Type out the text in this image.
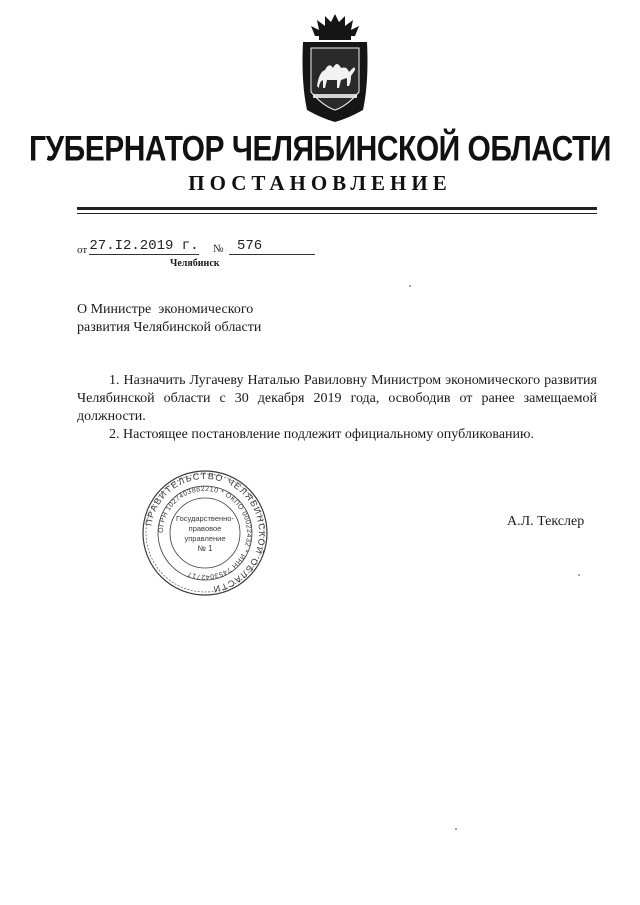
ГУБЕРНАТОР ЧЕЛЯБИНСКОЙ ОБЛАСТИ
ПОСТАНОВЛЕНИЕ
от 27.I2.2019 г. № 576
Челябинск
О Министре  экономического
развития Челябинской области

1. Назначить Лугачеву Наталью Равиловну Министром экономического развития Челябинской области с 30 декабря 2019 года, освободив от ранее замещаемой должности.

2. Настоящее постановление подлежит официальному опубликованию.

ПРАВИТЕЛЬСТВО ЧЕЛЯБИНСКОЙ ОБЛАСТИ
ОГРН 1027403882210 * ОКПО 00022432 * ИНН 7453042717
Государственно-
правовое
управление
№ 1
А.Л. Текслер
